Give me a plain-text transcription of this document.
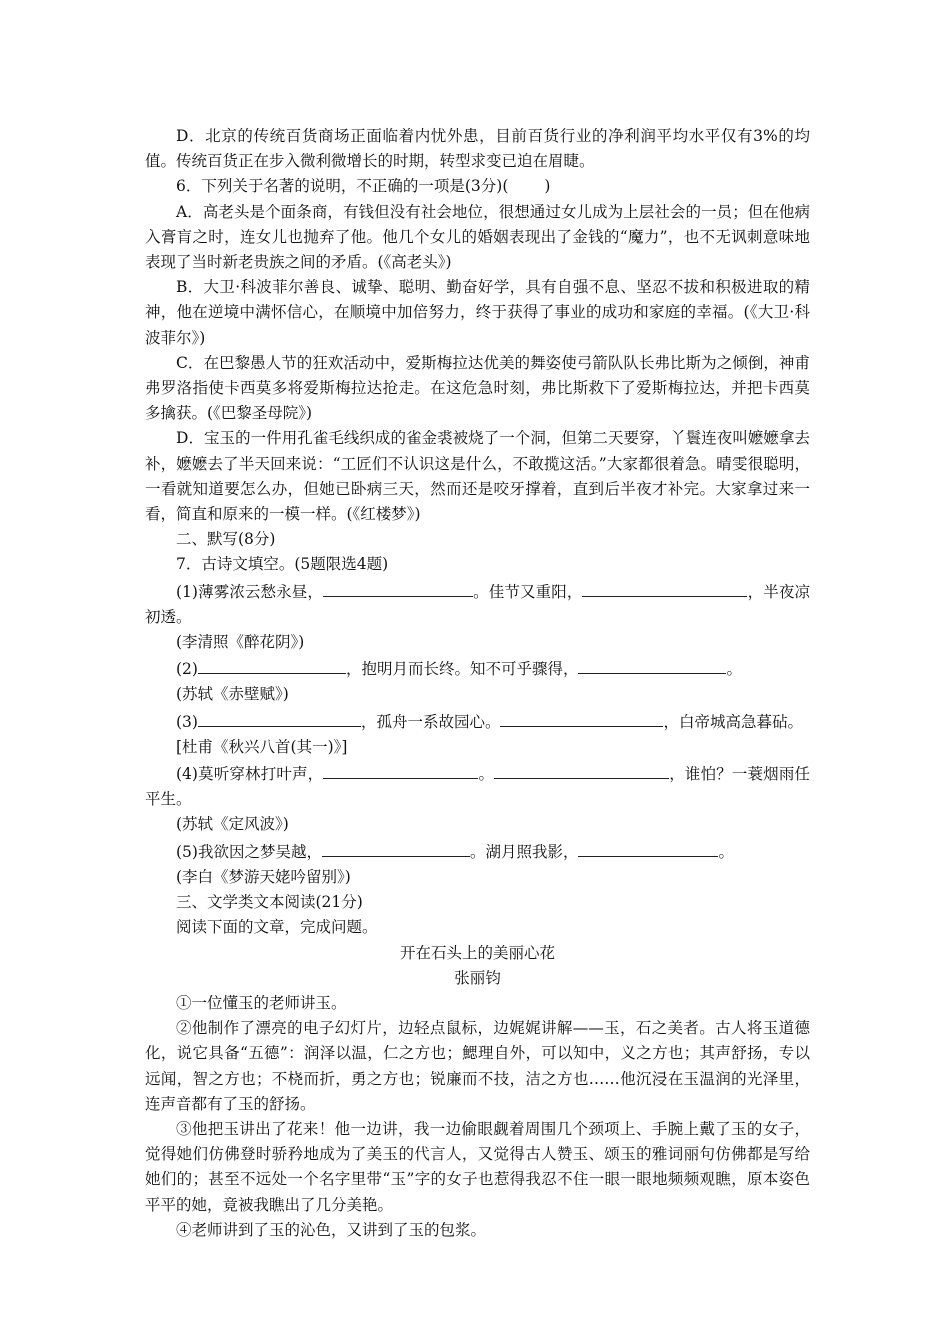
D．北京的传统百货商场正面临着内忧外患，目前百货行业的净利润平均水平仅有3%的均值。传统百货正在步入微利微增长的时期，转型求变已迫在眉睫。

6．下列关于名著的说明，不正确的一项是(3分)( )

A．高老头是个面条商，有钱但没有社会地位，很想通过女儿成为上层社会的一员；但在他病入膏肓之时，连女儿也抛弃了他。他几个女儿的婚姻表现出了金钱的“魔力”，也不无讽刺意味地表现了当时新老贵族之间的矛盾。(《高老头》)

B．大卫·科波菲尔善良、诚挚、聪明、勤奋好学，具有自强不息、坚忍不拔和积极进取的精神，他在逆境中满怀信心，在顺境中加倍努力，终于获得了事业的成功和家庭的幸福。(《大卫·科波菲尔》)

C．在巴黎愚人节的狂欢活动中，爱斯梅拉达优美的舞姿使弓箭队队长弗比斯为之倾倒，神甫弗罗洛指使卡西莫多将爱斯梅拉达抢走。在这危急时刻，弗比斯救下了爱斯梅拉达，并把卡西莫多擒获。(《巴黎圣母院》)

D．宝玉的一件用孔雀毛线织成的雀金裘被烧了一个洞，但第二天要穿，丫鬟连夜叫嬷嬷拿去补，嬷嬷去了半天回来说：“工匠们不认识这是什么，不敢揽这活。”大家都很着急。晴雯很聪明，一看就知道要怎么办，但她已卧病三天，然而还是咬牙撑着，直到后半夜才补完。大家拿过来一看，简直和原来的一模一样。(《红楼梦》)

二、默写(8分)

7．古诗文填空。(5题限选4题)

(1)薄雾浓云愁永昼，	。佳节又重阳，	，半夜凉初透。

(李清照《醉花阴》)

(2)	，抱明月而长终。知不可乎骤得，	。

(苏轼《赤壁赋》)

(3)	，孤舟一系故园心。	，白帝城高急暮砧。

[杜甫《秋兴八首(其一)》]

(4)莫听穿林打叶声，	。	，谁怕？一蓑烟雨任平生。

(苏轼《定风波》)

(5)我欲因之梦吴越，	。湖月照我影，	。

(李白《梦游天姥吟留别》)

三、文学类文本阅读(21分)

阅读下面的文章，完成问题。

开在石头上的美丽心花

张丽钧

①一位懂玉的老师讲玉。

②他制作了漂亮的电子幻灯片，边轻点鼠标，边娓娓讲解——玉，石之美者。古人将玉道德化，说它具备“五德”：润泽以温，仁之方也；鰓理自外，可以知中，义之方也；其声舒扬，专以远闻，智之方也；不桡而折，勇之方也；锐廉而不技，洁之方也……他沉浸在玉温润的光泽里，连声音都有了玉的舒扬。

③他把玉讲出了花来！他一边讲，我一边偷眼觑着周围几个颈项上、手腕上戴了玉的女子，觉得她们仿佛登时骄矜地成为了美玉的代言人，又觉得古人赞玉、颂玉的雅词丽句仿佛都是写给她们的；甚至不远处一个名字里带“玉”字的女子也惹得我忍不住一眼一眼地频频观瞧，原本姿色平平的她，竟被我瞧出了几分美艳。

④老师讲到了玉的沁色，又讲到了玉的包浆。
